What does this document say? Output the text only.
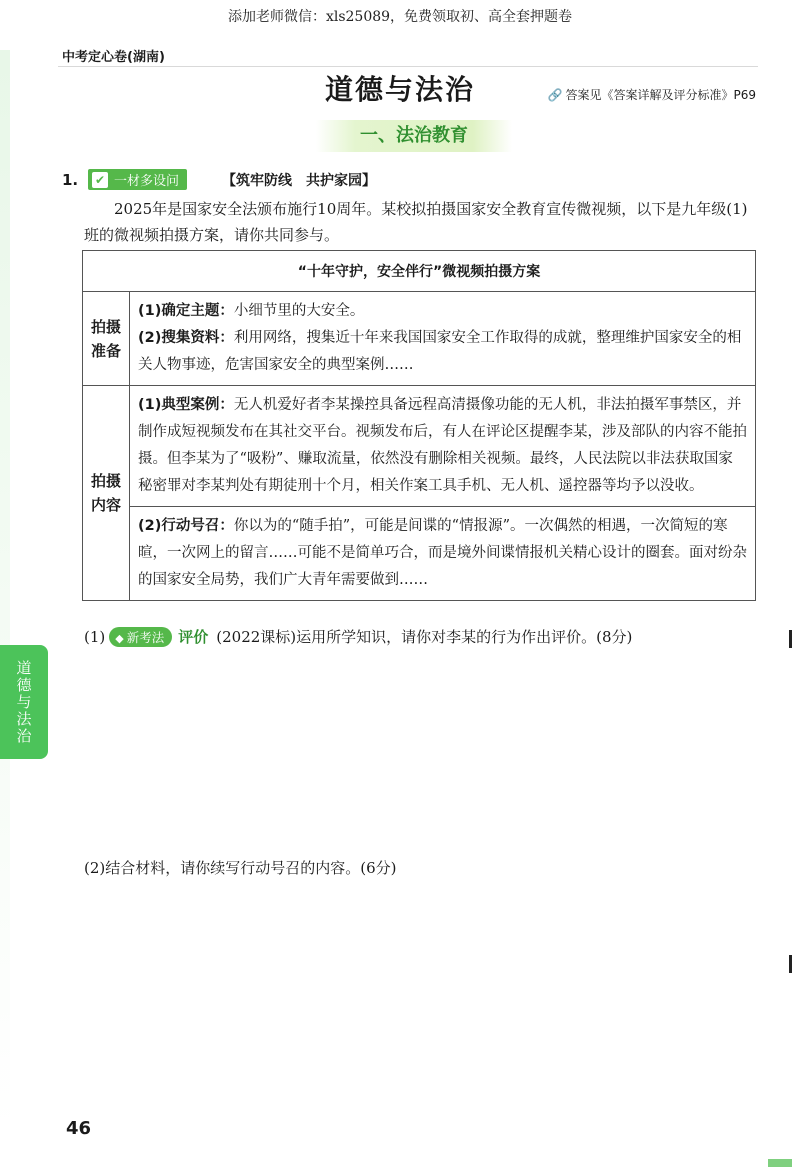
添加老师微信：xls25089，免费领取初、高全套押题卷
中考定心卷(湖南)
道德与法治	🔗 答案见《答案详解及评分标准》P69
一、法治教育
1. ✔ 一材多设问	【筑牢防线　共护家园】
2025年是国家安全法颁布施行10周年。某校拟拍摄国家安全教育宣传微视频，以下是九年级(1)班的微视频拍摄方案，请你共同参与。
“十年守护，安全伴行”微视频拍摄方案	
拍摄准备	(1)确定主题：小细节里的大安全。
(2)搜集资料：利用网络，搜集近十年来我国国家安全工作取得的成就，整理维护国家安全的相关人物事迹，危害国家安全的典型案例……

拍摄内容	(1)典型案例：无人机爱好者李某操控具备远程高清摄像功能的无人机，非法拍摄军事禁区，并制作成短视频发布在其社交平台。视频发布后，有人在评论区提醒李某，涉及部队的内容不能拍摄。但李某为了“吸粉”、赚取流量，依然没有删除相关视频。最终，人民法院以非法获取国家秘密罪对李某判处有期徒刑十个月，相关作案工具手机、无人机、遥控器等均予以没收。

	(2)行动号召：你以为的“随手拍”，可能是间谍的“情报源”。一次偶然的相遇，一次简短的寒暄，一次网上的留言……可能不是简单巧合，而是境外间谍情报机关精心设计的圈套。面对纷杂的国家安全局势，我们广大青年需要做到……
(1) ◆ 新考法 评价 (2022课标)运用所学知识，请你对李某的行为作出评价。(8分)
道德与法治
(2)结合材料，请你续写行动号召的内容。(6分)
46
